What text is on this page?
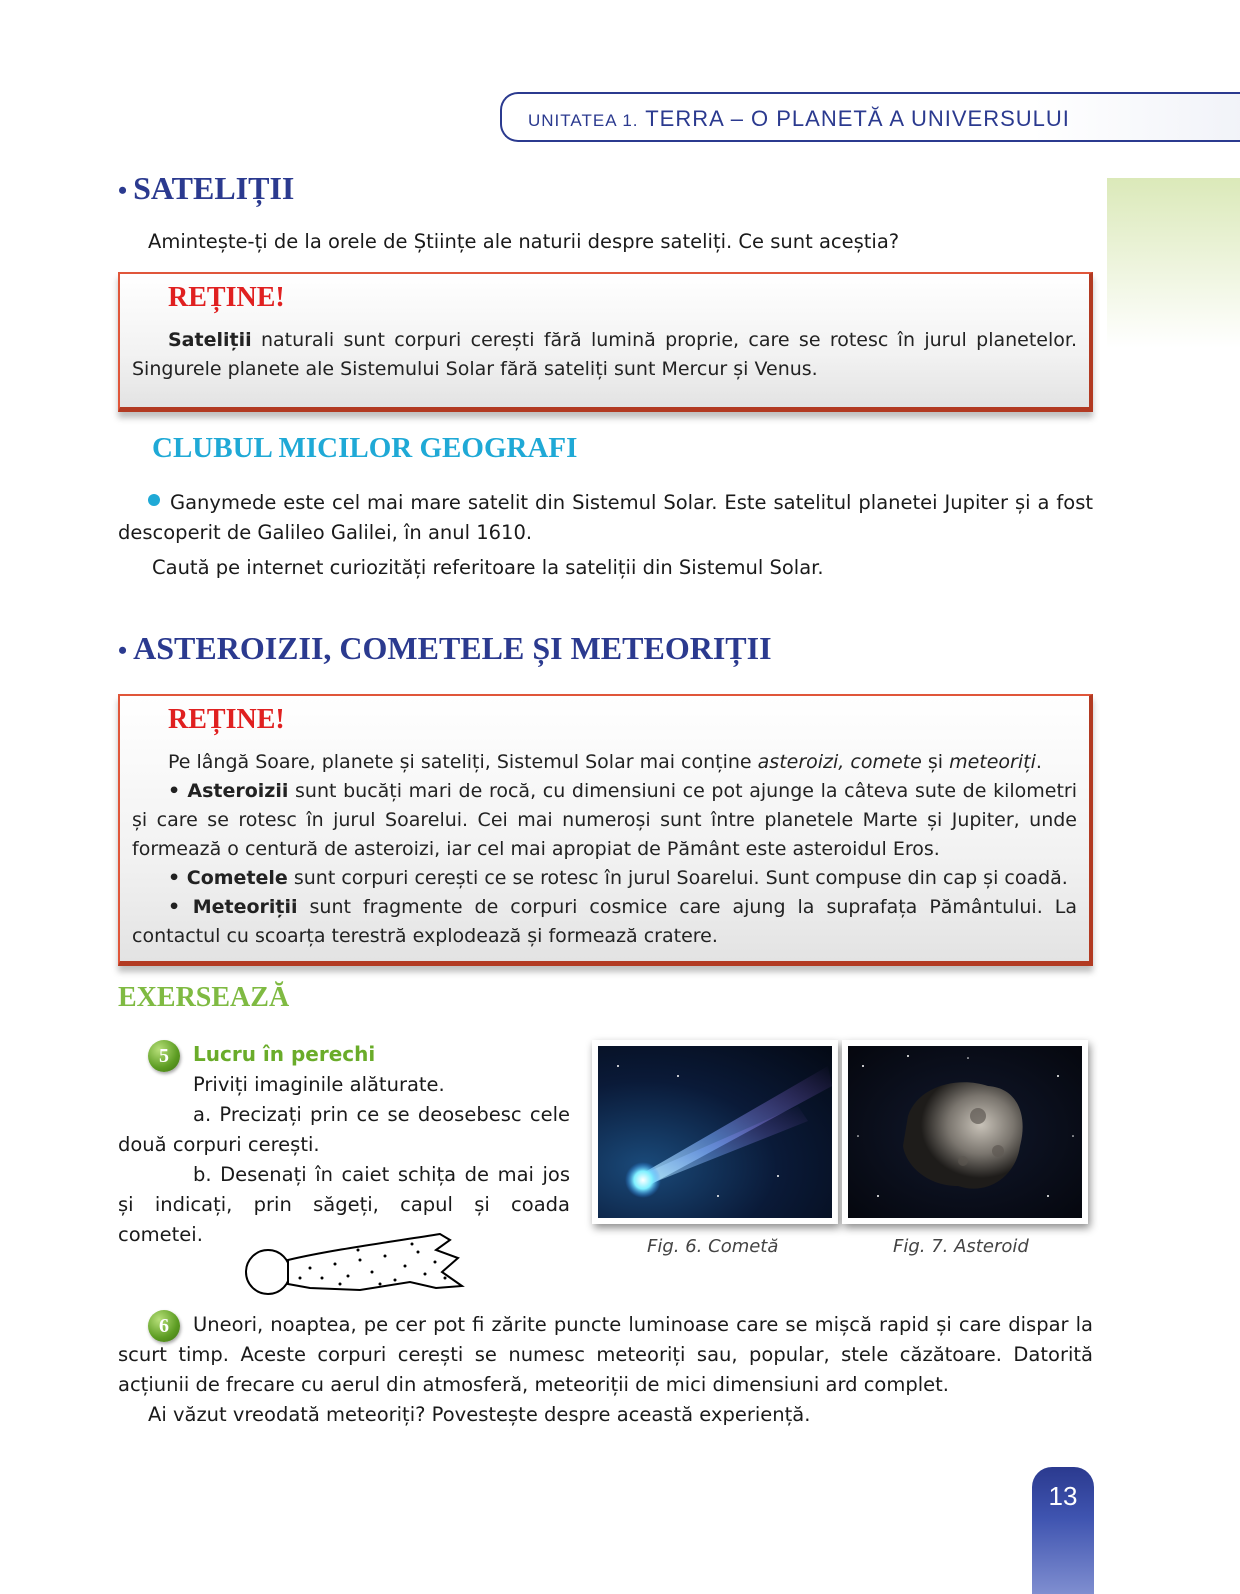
UNITATEA 1. TERRA – O PLANETĂ A UNIVERSULUI
• SATELIȚII
Amintește-ți de la orele de Științe ale naturii despre sateliți. Ce sunt aceștia?
REȚINE!
Sateliții naturali sunt corpuri cerești fără lumină proprie, care se rotesc în jurul planetelor. Singurele planete ale Sistemului Solar fără sateliți sunt Mercur și Venus.
CLUBUL MICILOR GEOGRAFI
Ganymede este cel mai mare satelit din Sistemul Solar. Este satelitul planetei Jupiter și a fost descoperit de Galileo Galilei, în anul 1610.
Caută pe internet curiozități referitoare la sateliții din Sistemul Solar.
• ASTEROIZII, COMETELE ȘI METEORIȚII
REȚINE!
Pe lângă Soare, planete și sateliți, Sistemul Solar mai conține asteroizi, comete și meteoriți.
• Asteroizii sunt bucăți mari de rocă, cu dimensiuni ce pot ajunge la câteva sute de kilometri și care se rotesc în jurul Soarelui. Cei mai numeroși sunt între planetele Marte și Jupiter, unde formează o centură de asteroizi, iar cel mai apropiat de Pământ este asteroidul Eros.
• Cometele sunt corpuri cerești ce se rotesc în jurul Soarelui. Sunt compuse din cap și coadă.
• Meteoriții sunt fragmente de corpuri cosmice care ajung la suprafața Pământului. La contactul cu scoarța terestră explodează și formează cratere.
EXERSEAZĂ
5	Lucru în perechi
Priviți imaginile alăturate.
a. Precizați prin ce se deosebesc cele două corpuri cerești.
b. Desenați în caiet schița de mai jos și indicați, prin săgeți, capul și coada cometei.
Fig. 6. Cometă	Fig. 7. Asteroid
6	Uneori, noaptea, pe cer pot fi zărite puncte luminoase care se mișcă rapid și care dispar la scurt timp. Aceste corpuri cerești se numesc meteoriți sau, popular, stele căzătoare. Datorită acțiunii de frecare cu aerul din atmosferă, meteoriții de mici dimensiuni ard complet.
Ai văzut vreodată meteoriți? Povestește despre această experiență.
13
